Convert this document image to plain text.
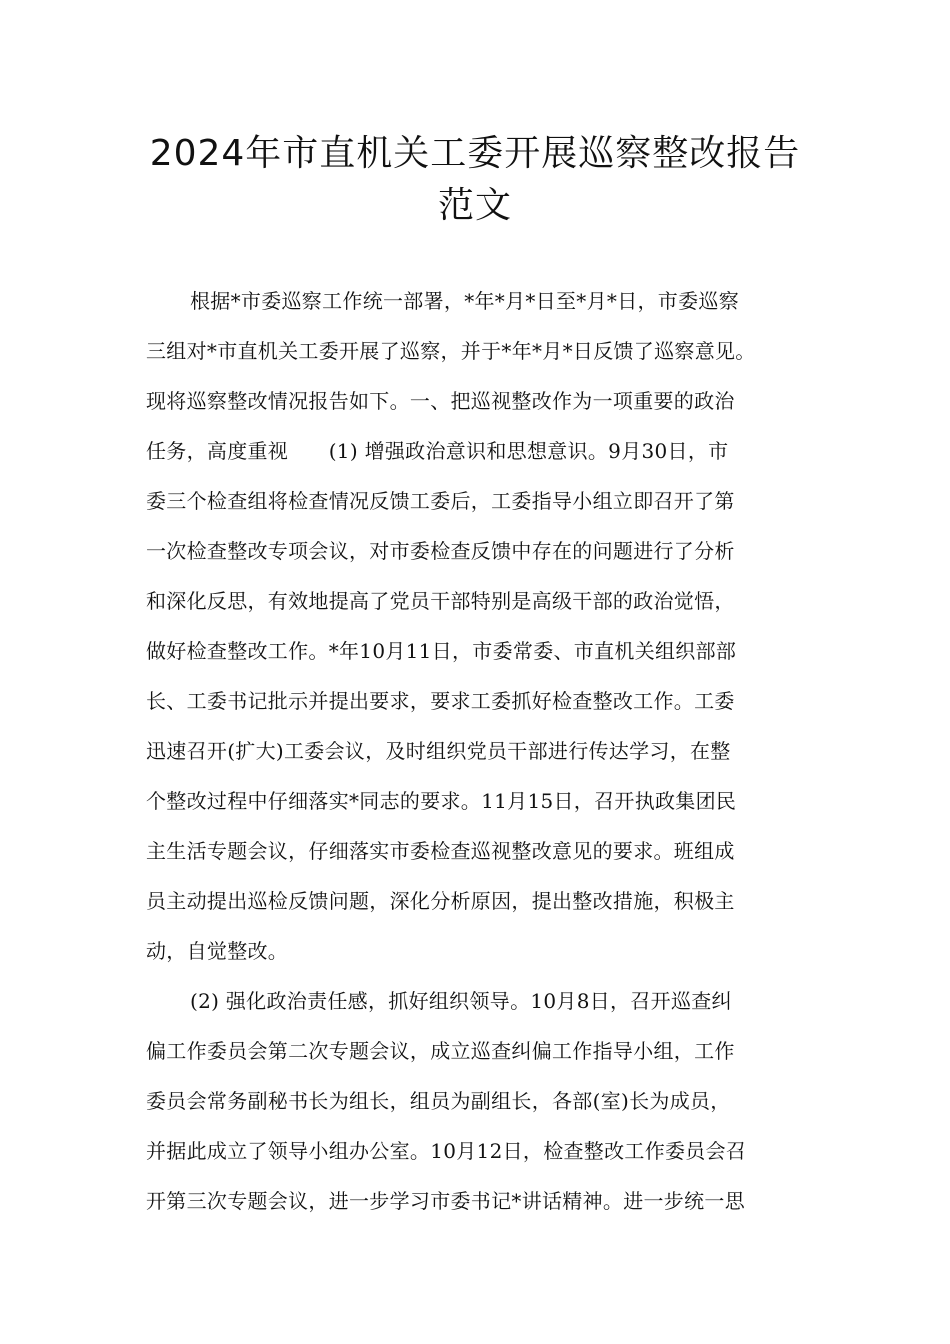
2024年市直机关工委开展巡察整改报告
范文
根据*市委巡察工作统一部署，*年*月*日至*月*日，市委巡察
三组对*市直机关工委开展了巡察，并于*年*月*日反馈了巡察意见。
现将巡察整改情况报告如下。一、把巡视整改作为一项重要的政治
任务，高度重视　　(1) 增强政治意识和思想意识。9月30日，市
委三个检查组将检查情况反馈工委后，工委指导小组立即召开了第
一次检查整改专项会议，对市委检查反馈中存在的问题进行了分析
和深化反思，有效地提高了党员干部特别是高级干部的政治觉悟，
做好检查整改工作。*年10月11日，市委常委、市直机关组织部部
长、工委书记批示并提出要求，要求工委抓好检查整改工作。工委
迅速召开(扩大)工委会议，及时组织党员干部进行传达学习，在整
个整改过程中仔细落实*同志的要求。11月15日，召开执政集团民
主生活专题会议，仔细落实市委检查巡视整改意见的要求。班组成
员主动提出巡检反馈问题，深化分析原因，提出整改措施，积极主
动，自觉整改。
(2) 强化政治责任感，抓好组织领导。10月8日，召开巡查纠
偏工作委员会第二次专题会议，成立巡查纠偏工作指导小组，工作
委员会常务副秘书长为组长，组员为副组长，各部(室)长为成员，
并据此成立了领导小组办公室。10月12日，检查整改工作委员会召
开第三次专题会议，进一步学习市委书记*讲话精神。进一步统一思
